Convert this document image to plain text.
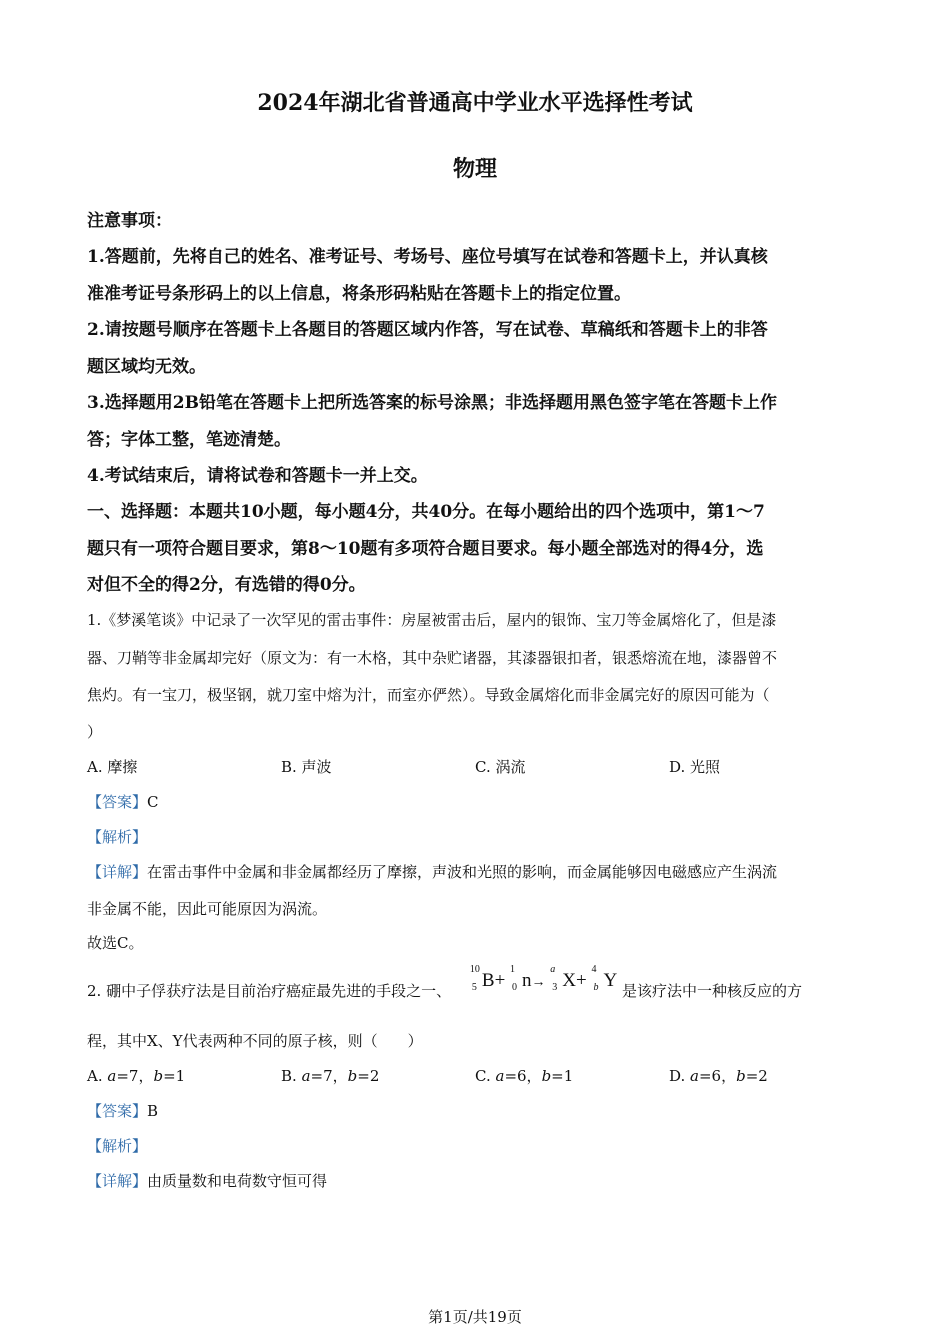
2024年湖北省普通高中学业水平选择性考试
物理
注意事项：
1.答题前，先将自己的姓名、准考证号、考场号、座位号填写在试卷和答题卡上，并认真核
准准考证号条形码上的以上信息，将条形码粘贴在答题卡上的指定位置。
2.请按题号顺序在答题卡上各题目的答题区域内作答，写在试卷、草稿纸和答题卡上的非答
题区域均无效。
3.选择题用2B铅笔在答题卡上把所选答案的标号涂黑；非选择题用黑色签字笔在答题卡上作
答；字体工整，笔迹清楚。
4.考试结束后，请将试卷和答题卡一并上交。
一、选择题：本题共10小题，每小题4分，共40分。在每小题给出的四个选项中，第1～7
题只有一项符合题目要求，第8～10题有多项符合题目要求。每小题全部选对的得4分，选
对但不全的得2分，有选错的得0分。
1.《梦溪笔谈》中记录了一次罕见的雷击事件：房屋被雷击后，屋内的银饰、宝刀等金属熔化了，但是漆
器、刀鞘等非金属却完好（原文为：有一木格，其中杂贮诸器，其漆器银扣者，银悉熔流在地，漆器曾不
焦灼。有一宝刀，极坚钢，就刀室中熔为汁，而室亦俨然）。导致金属熔化而非金属完好的原因可能为（
）
A. 摩擦	B. 声波	C. 涡流	D. 光照
【答案】C
【解析】
【详解】在雷击事件中金属和非金属都经历了摩擦，声波和光照的影响，而金属能够因电磁感应产生涡流
非金属不能，因此可能原因为涡流。
故选C。
2. 硼中子俘获疗法是目前治疗癌症最先进的手段之一、
10
5 B+
1
0 n→
a
3 X+
4
b Y 是该疗法中一种核反应的方
程，其中X、Y代表两种不同的原子核，则（　　）
A. a=7，b=1	B. a=7，b=2	C. a=6，b=1	D. a=6，b=2
【答案】B
【解析】
【详解】由质量数和电荷数守恒可得
第1页/共19页
